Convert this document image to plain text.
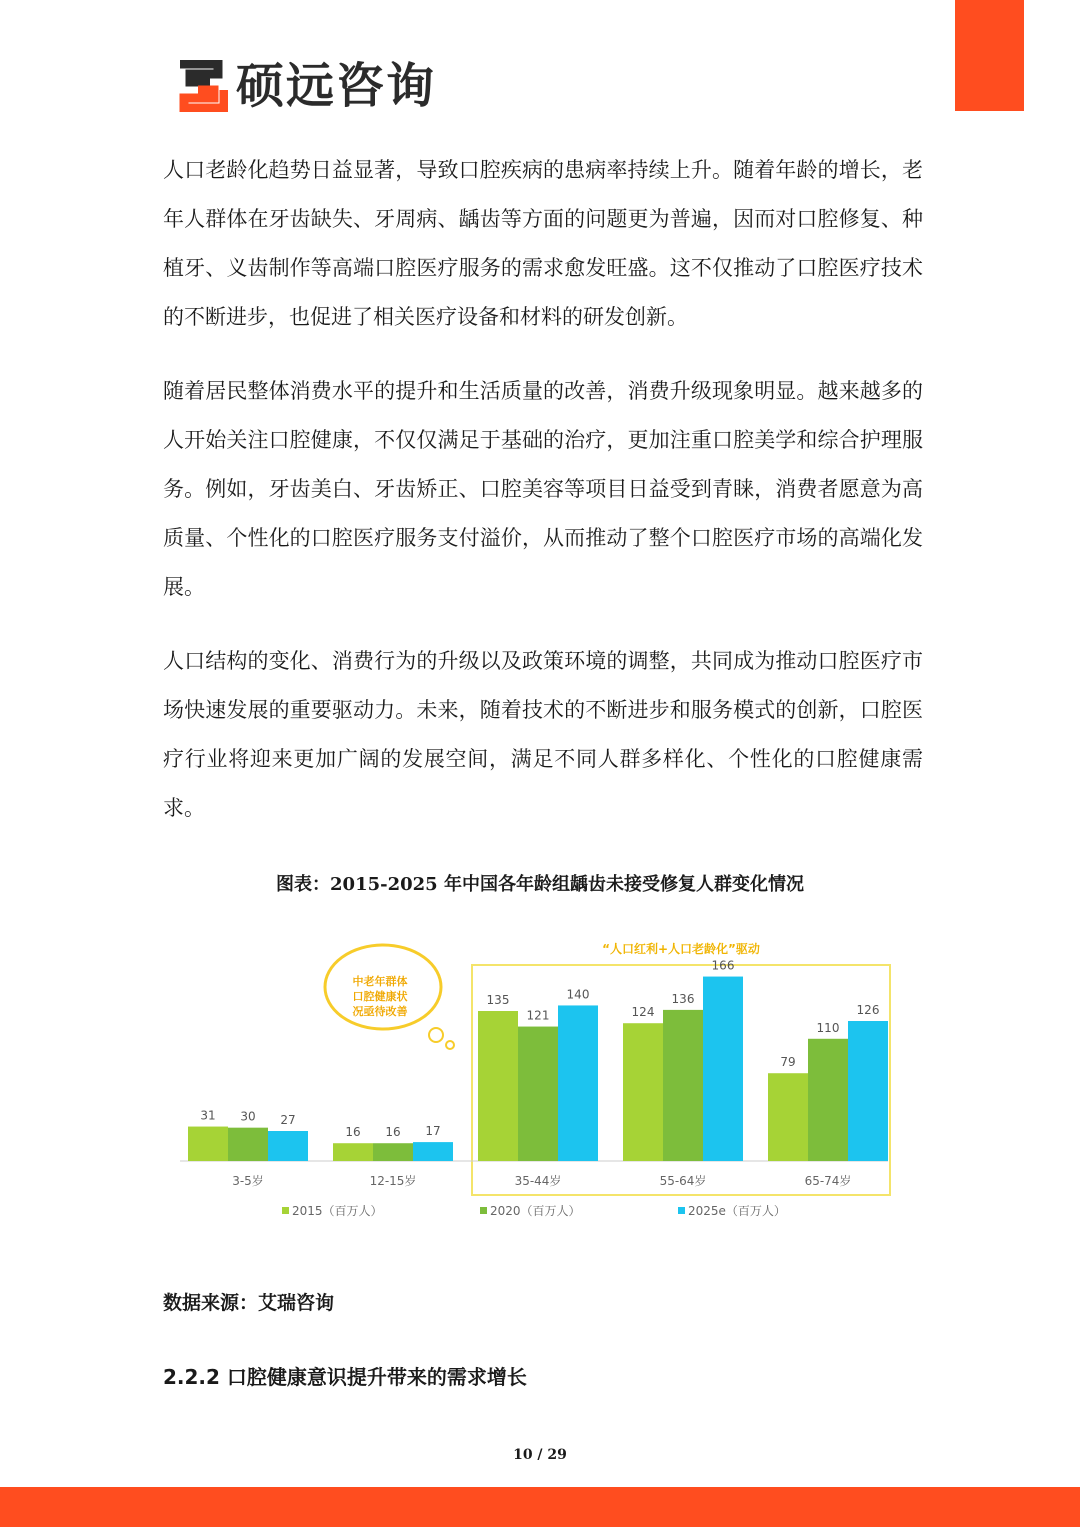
硕远咨询

人口老龄化趋势日益显著，导致口腔疾病的患病率持续上升。随着年龄的增长，老年人群体在牙齿缺失、牙周病、龋齿等方面的问题更为普遍，因而对口腔修复、种植牙、义齿制作等高端口腔医疗服务的需求愈发旺盛。这不仅推动了口腔医疗技术的不断进步，也促进了相关医疗设备和材料的研发创新。

随着居民整体消费水平的提升和生活质量的改善，消费升级现象明显。越来越多的人开始关注口腔健康，不仅仅满足于基础的治疗，更加注重口腔美学和综合护理服务。例如，牙齿美白、牙齿矫正、口腔美容等项目日益受到青睐，消费者愿意为高质量、个性化的口腔医疗服务支付溢价，从而推动了整个口腔医疗市场的高端化发展。

人口结构的变化、消费行为的升级以及政策环境的调整，共同成为推动口腔医疗市场快速发展的重要驱动力。未来，随着技术的不断进步和服务模式的创新，口腔医疗行业将迎来更加广阔的发展空间，满足不同人群多样化、个性化的口腔健康需求。

图表：2015-2025 年中国各年龄组龋齿未接受修复人群变化情况
“人口红利+人口老龄化”驱动
中老年群体
口腔健康状
况亟待改善
31 30 27
3-5岁
16 16 17
12-15岁
135
121
140
35-44岁
124
136
166
55-64岁
79
110
126
65-74岁
2015（百万人）	2020（百万人）	2025e（百万人）
数据来源：艾瑞咨询
2.2.2 口腔健康意识提升带来的需求增长
10 / 29
